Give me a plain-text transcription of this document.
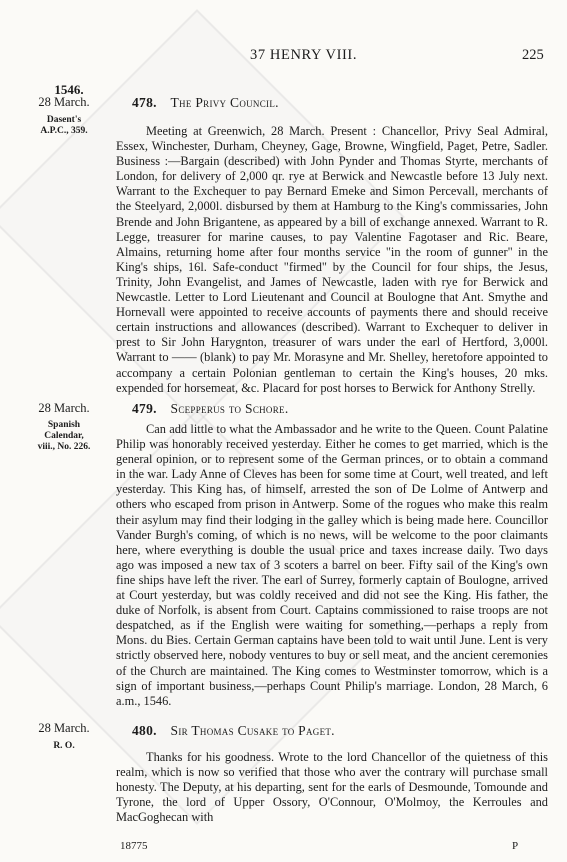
37 HENRY VIII.	225
1546.
28 March.
Dasent's
A.P.C., 359.
478. The Privy Council.
Meeting at Greenwich, 28 March. Present : Chancellor, Privy Seal Admiral, Essex, Winchester, Durham, Cheyney, Gage, Browne, Wingfield, Paget, Petre, Sadler. Business :—Bargain (described) with John Pynder and Thomas Styrte, merchants of London, for delivery of 2,000 qr. rye at Berwick and Newcastle before 13 July next. Warrant to the Exchequer to pay Bernard Emeke and Simon Percevall, merchants of the Steelyard, 2,000l. disbursed by them at Hamburg to the King's commissaries, John Brende and John Brigantene, as appeared by a bill of exchange annexed. Warrant to R. Legge, treasurer for marine causes, to pay Valentine Fagotaser and Ric. Beare, Almains, returning home after four months service "in the room of gunner" in the King's ships, 16l. Safe-conduct "firmed" by the Council for four ships, the Jesus, Trinity, John Evangelist, and James of Newcastle, laden with rye for Berwick and Newcastle. Letter to Lord Lieutenant and Council at Boulogne that Ant. Smythe and Hornevall were appointed to receive accounts of payments there and should receive certain instructions and allowances (described). Warrant to Exchequer to deliver in prest to Sir John Harygnton, treasurer of wars under the earl of Hertford, 3,000l. Warrant to —— (blank) to pay Mr. Morasyne and Mr. Shelley, heretofore appointed to accompany a certain Polonian gentleman to certain the King's houses, 20 mks. expended for horsemeat, &c. Placard for post horses to Berwick for Anthony Strelly.
28 March.
Spanish
Calendar,
viii., No. 226.
479. Scepperus to Schore.
Can add little to what the Ambassador and he write to the Queen. Count Palatine Philip was honorably received yesterday. Either he comes to get married, which is the general opinion, or to represent some of the German princes, or to obtain a command in the war. Lady Anne of Cleves has been for some time at Court, well treated, and left yesterday. This King has, of himself, arrested the son of De Lolme of Antwerp and others who escaped from prison in Antwerp. Some of the rogues who make this realm their asylum may find their lodging in the galley which is being made here. Councillor Vander Burgh's coming, of which is no news, will be welcome to the poor claimants here, where everything is double the usual price and taxes increase daily. Two days ago was imposed a new tax of 3 scoters a barrel on beer. Fifty sail of the King's own fine ships have left the river. The earl of Surrey, formerly captain of Boulogne, arrived at Court yesterday, but was coldly received and did not see the King. His father, the duke of Norfolk, is absent from Court. Captains commissioned to raise troops are not despatched, as if the English were waiting for something,—perhaps a reply from Mons. du Bies. Certain German captains have been told to wait until June. Lent is very strictly observed here, nobody ventures to buy or sell meat, and the ancient ceremonies of the Church are maintained. The King comes to Westminster tomorrow, which is a sign of important business,—perhaps Count Philip's marriage. London, 28 March, 6 a.m., 1546.
28 March.
R. O.
480. Sir Thomas Cusake to Paget.
Thanks for his goodness. Wrote to the lord Chancellor of the quietness of this realm, which is now so verified that those who aver the contrary will purchase small honesty. The Deputy, at his departing, sent for the earls of Desmounde, Tomounde and Tyrone, the lord of Upper Ossory, O'Connour, O'Molmoy, the Kerroules and MacGoghecan with
18775	P
